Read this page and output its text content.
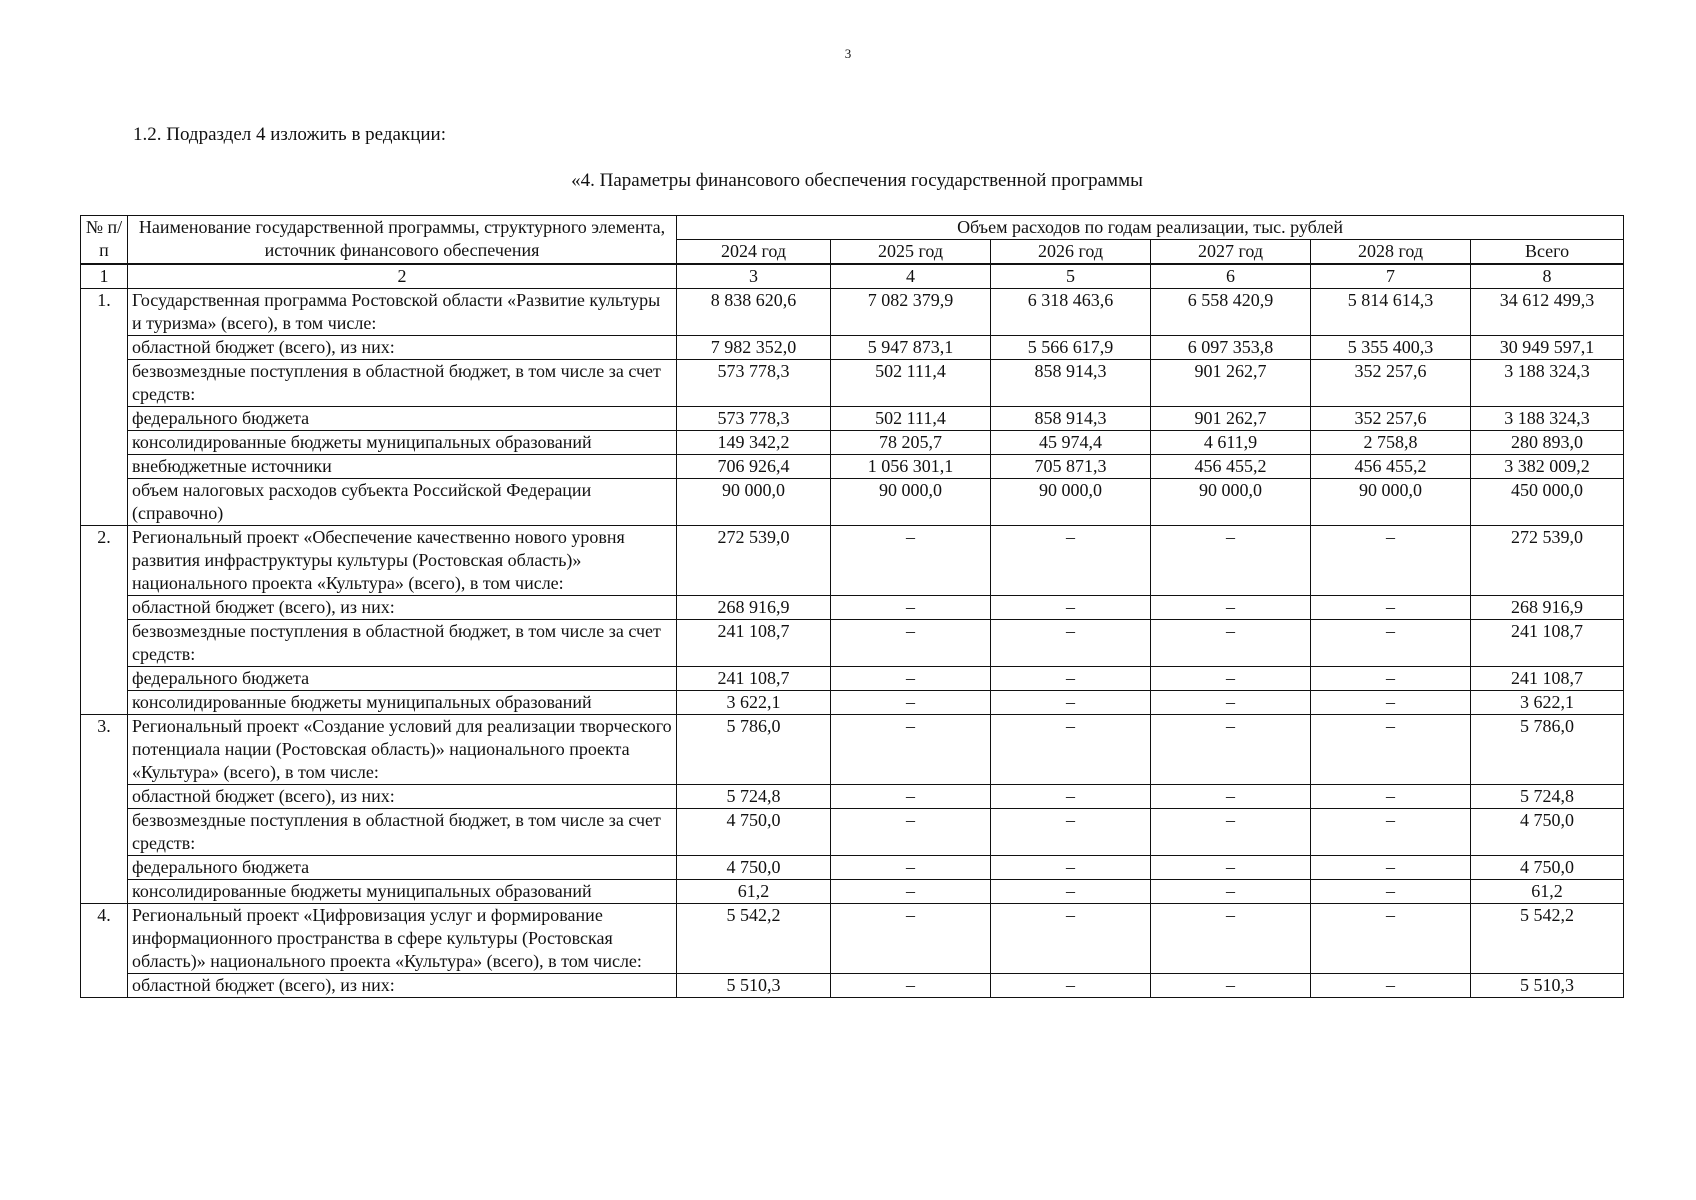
3
1.2. Подраздел 4 изложить в редакции:
«4. Параметры финансового обеспечения государственной программы
№ п/п	Наименование государственной программы, структурного элемента, источник финансового обеспечения	Объем расходов по годам реализации, тыс. рублей					
		2024 год	2025 год	2026 год	2027 год	2028 год	Всего
1	2	3	4	5	6	7	8
1.	Государственная программа Ростовской области «Развитие культуры и туризма» (всего), в том числе:	8 838 620,6	7 082 379,9	6 318 463,6	6 558 420,9	5 814 614,3	34 612 499,3
	областной бюджет (всего), из них:	7 982 352,0	5 947 873,1	5 566 617,9	6 097 353,8	5 355 400,3	30 949 597,1
	безвозмездные поступления в областной бюджет, в том числе за счет средств:	573 778,3	502 111,4	858 914,3	901 262,7	352 257,6	3 188 324,3
	федерального бюджета	573 778,3	502 111,4	858 914,3	901 262,7	352 257,6	3 188 324,3
	консолидированные бюджеты муниципальных образований	149 342,2	78 205,7	45 974,4	4 611,9	2 758,8	280 893,0
	внебюджетные источники	706 926,4	1 056 301,1	705 871,3	456 455,2	456 455,2	3 382 009,2
	объем налоговых расходов субъекта Российской Федерации (справочно)	90 000,0	90 000,0	90 000,0	90 000,0	90 000,0	450 000,0
2.	Региональный проект «Обеспечение качественно нового уровня развития инфраструктуры культуры (Ростовская область)» национального проекта «Культура» (всего), в том числе:	272 539,0	–	–	–	–	272 539,0
	областной бюджет (всего), из них:	268 916,9	–	–	–	–	268 916,9
	безвозмездные поступления в областной бюджет, в том числе за счет средств:	241 108,7	–	–	–	–	241 108,7
	федерального бюджета	241 108,7	–	–	–	–	241 108,7
	консолидированные бюджеты муниципальных образований	3 622,1	–	–	–	–	3 622,1
3.	Региональный проект «Создание условий для реализации творческого потенциала нации (Ростовская область)» национального проекта «Культура» (всего), в том числе:	5 786,0	–	–	–	–	5 786,0
	областной бюджет (всего), из них:	5 724,8	–	–	–	–	5 724,8
	безвозмездные поступления в областной бюджет, в том числе за счет средств:	4 750,0	–	–	–	–	4 750,0
	федерального бюджета	4 750,0	–	–	–	–	4 750,0
	консолидированные бюджеты муниципальных образований	61,2	–	–	–	–	61,2
4.	Региональный проект «Цифровизация услуг и формирование информационного пространства в сфере культуры (Ростовская область)» национального проекта «Культура» (всего), в том числе:	5 542,2	–	–	–	–	5 542,2
	областной бюджет (всего), из них:	5 510,3	–	–	–	–	5 510,3
